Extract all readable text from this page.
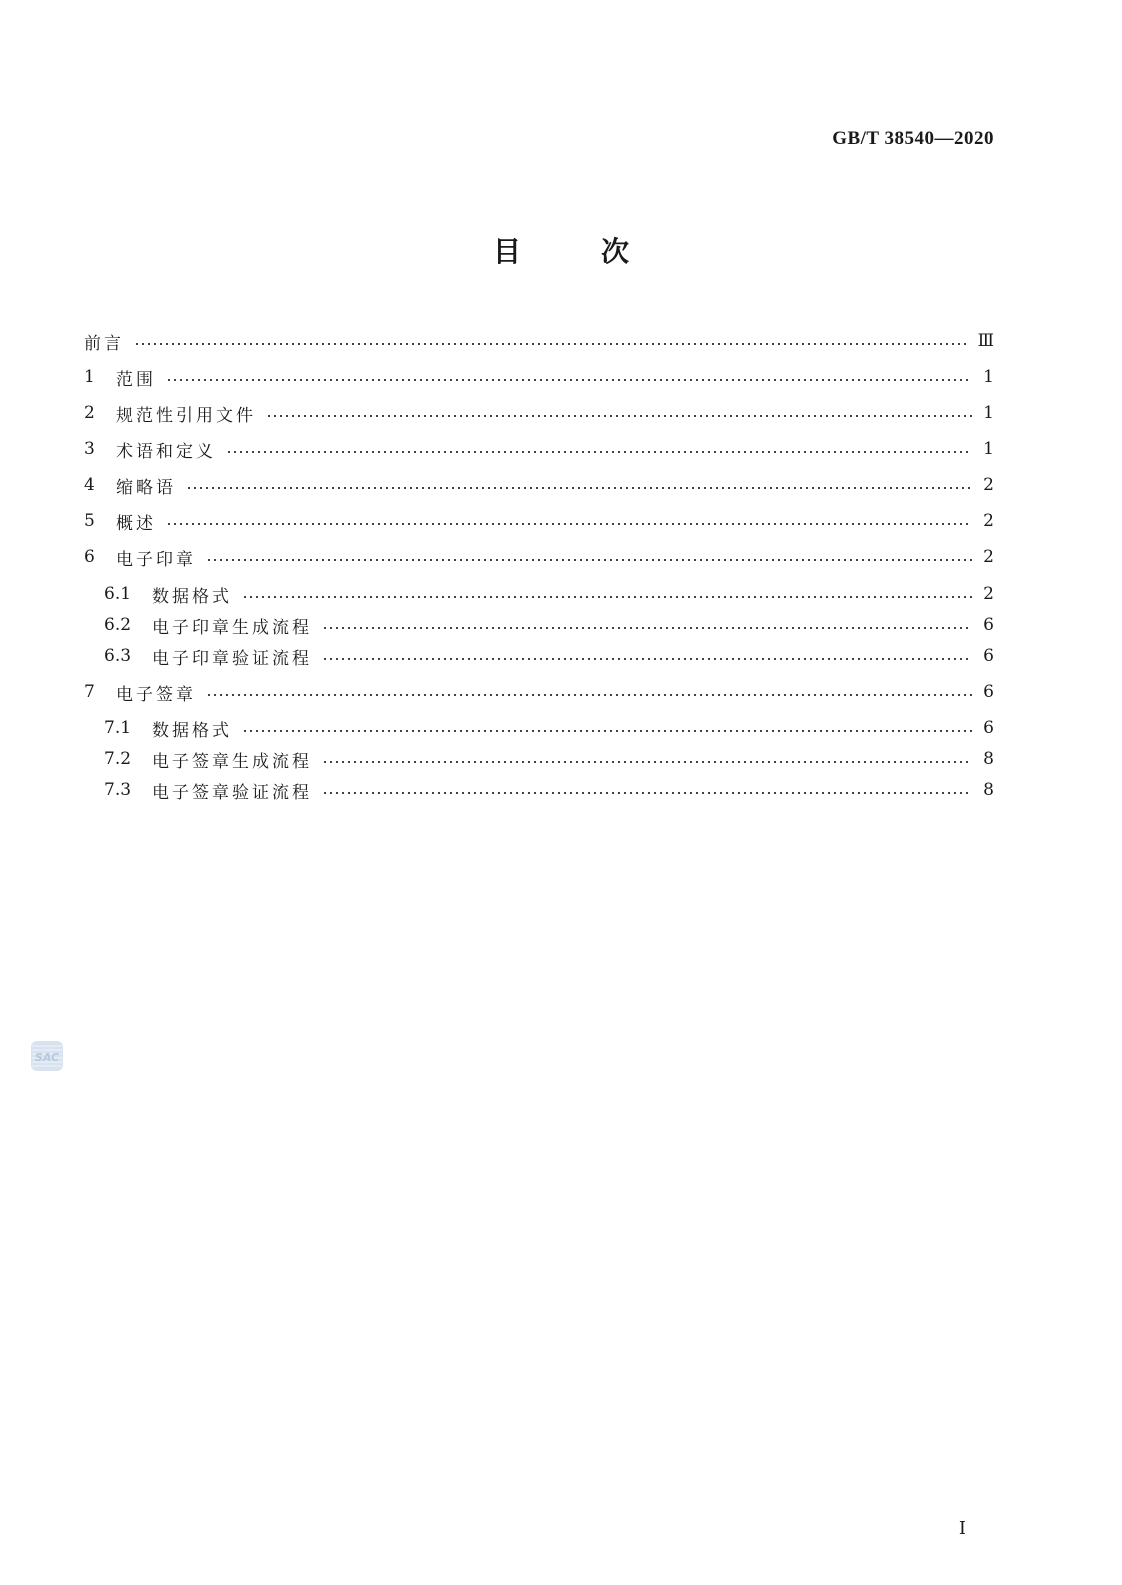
GB/T 38540—2020
目次
前言	Ⅲ
1	范围	1
2	规范性引用文件	1
3	术语和定义	1
4	缩略语	2
5	概述	2
6	电子印章	2
6.1	数据格式	2
6.2	电子印章生成流程	6
6.3	电子印章验证流程	6
7	电子签章	6
7.1	数据格式	6
7.2	电子签章生成流程	8
7.3	电子签章验证流程	8
SAC
I
